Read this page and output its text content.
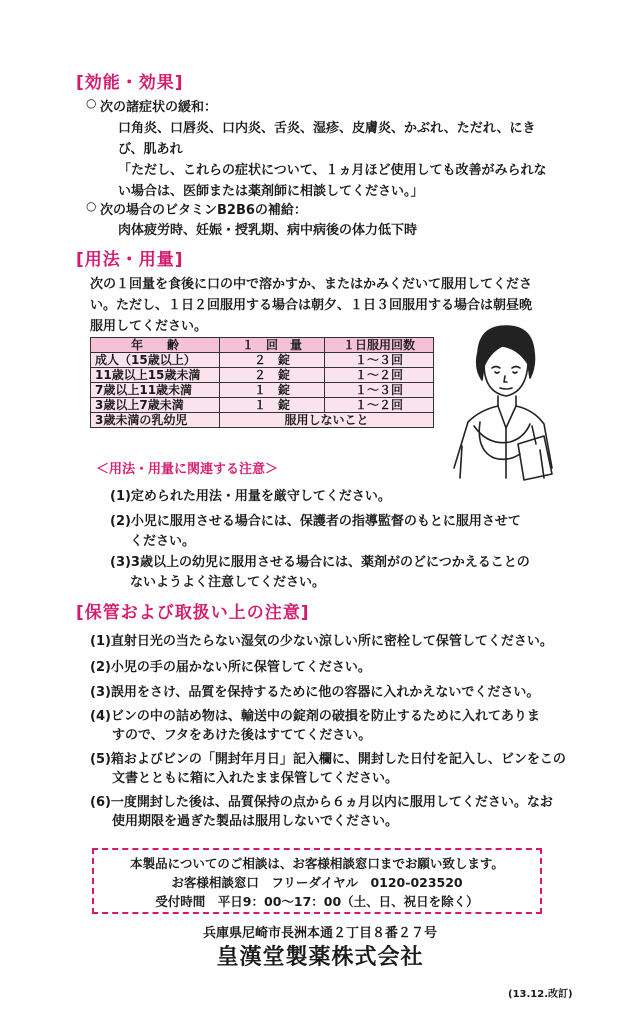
[効能・効果]
○ 次の諸症状の緩和：
口角炎、口唇炎、口内炎、舌炎、湿疹、皮膚炎、かぶれ、ただれ、にき
び、肌あれ
「ただし、これらの症状について、１ヵ月ほど使用しても改善がみられな
い場合は、医師または薬剤師に相談してください。」
○ 次の場合のビタミンB2B6の補給：
肉体疲労時、妊娠・授乳期、病中病後の体力低下時
[用法・用量]
次の１回量を食後に口の中で溶かすか、またはかみくだいて服用してくださ
い。ただし、１日２回服用する場合は朝夕、１日３回服用する場合は朝昼晩
服用してください。
年　　齢	１　回　量	１日服用回数
成人（15歳以上）	２　錠	１～３回
11歳以上15歳未満	２　錠	１～２回
7歳以上11歳未満	１　錠	１～３回
3歳以上7歳未満	１　錠	１～２回
3歳未満の乳幼児	服用しないこと	
＜用法・用量に関連する注意＞
(1)定められた用法・用量を厳守してください。
(2)小児に服用させる場合には、保護者の指導監督のもとに服用させて
ください。
(3)3歳以上の幼児に服用させる場合には、薬剤がのどにつかえることの
ないようよく注意してください。
[保管および取扱い上の注意]
(1)直射日光の当たらない湿気の少ない涼しい所に密栓して保管してください。
(2)小児の手の届かない所に保管してください。
(3)誤用をさけ、品質を保持するために他の容器に入れかえないでください。
(4)ビンの中の詰め物は、輸送中の錠剤の破損を防止するために入れてありま
すので、フタをあけた後はすててください。
(5)箱およびビンの「開封年月日」記入欄に、開封した日付を記入し、ビンをこの
文書とともに箱に入れたまま保管してください。
(6)一度開封した後は、品質保持の点から６ヵ月以内に服用してください。なお
使用期限を過ぎた製品は服用しないでください。
本製品についてのご相談は、お客様相談窓口までお願い致します。
お客様相談窓口　フリーダイヤル　0120-023520
受付時間　平日9：00～17：00（土、日、祝日を除く）
兵庫県尼崎市長洲本通２丁目８番２７号
皇漢堂製薬株式会社
(13.12.改訂)
